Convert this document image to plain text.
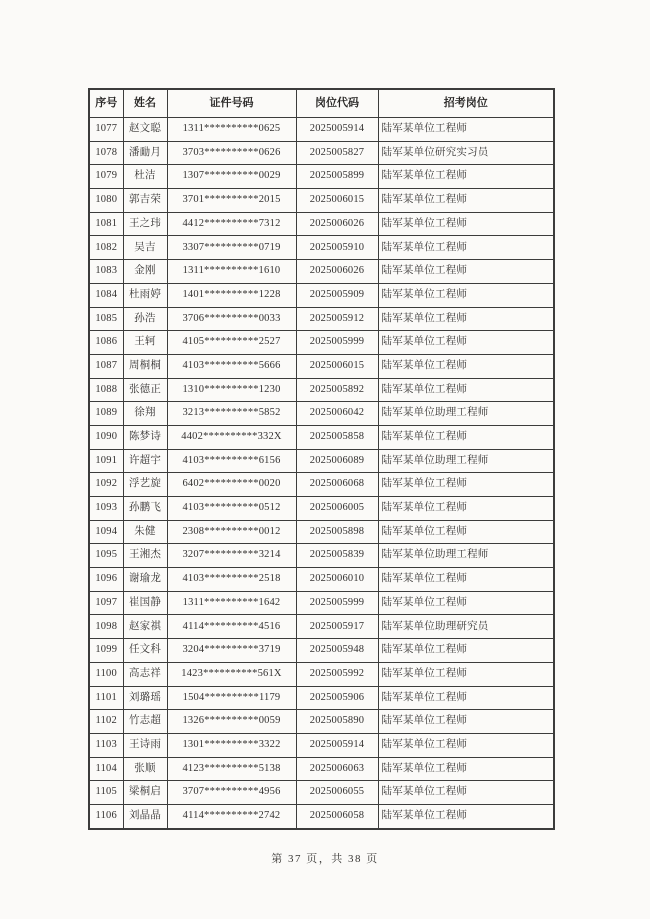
序号	姓名	证件号码	岗位代码	招考岗位
1077	赵文聪	1311**********0625	2025005914	陆军某单位工程师
1078	潘勔月	3703**********0626	2025005827	陆军某单位研究实习员
1079	杜洁	1307**********0029	2025005899	陆军某单位工程师
1080	郭吉荣	3701**********2015	2025006015	陆军某单位工程师
1081	王之玮	4412**********7312	2025006026	陆军某单位工程师
1082	吴吉	3307**********0719	2025005910	陆军某单位工程师
1083	金刚	1311**********1610	2025006026	陆军某单位工程师
1084	杜雨婷	1401**********1228	2025005909	陆军某单位工程师
1085	孙浩	3706**********0033	2025005912	陆军某单位工程师
1086	王轲	4105**********2527	2025005999	陆军某单位工程师
1087	周桐桐	4103**********5666	2025006015	陆军某单位工程师
1088	张德正	1310**********1230	2025005892	陆军某单位工程师
1089	徐翔	3213**********5852	2025006042	陆军某单位助理工程师
1090	陈梦诗	4402**********332X	2025005858	陆军某单位工程师
1091	许超宇	4103**********6156	2025006089	陆军某单位助理工程师
1092	浮艺旋	6402**********0020	2025006068	陆军某单位工程师
1093	孙鹏飞	4103**********0512	2025006005	陆军某单位工程师
1094	朱健	2308**********0012	2025005898	陆军某单位工程师
1095	王湘杰	3207**********3214	2025005839	陆军某单位助理工程师
1096	谢瑜龙	4103**********2518	2025006010	陆军某单位工程师
1097	崔国静	1311**********1642	2025005999	陆军某单位工程师
1098	赵家祺	4114**********4516	2025005917	陆军某单位助理研究员
1099	任文科	3204**********3719	2025005948	陆军某单位工程师
1100	高志祥	1423**********561X	2025005992	陆军某单位工程师
1101	刘璐瑶	1504**********1179	2025005906	陆军某单位工程师
1102	竹志超	1326**********0059	2025005890	陆军某单位工程师
1103	王诗雨	1301**********3322	2025005914	陆军某单位工程师
1104	张顺	4123**********5138	2025006063	陆军某单位工程师
1105	梁桐启	3707**********4956	2025006055	陆军某单位工程师
1106	刘晶晶	4114**********2742	2025006058	陆军某单位工程师
第 37 页，共 38 页
